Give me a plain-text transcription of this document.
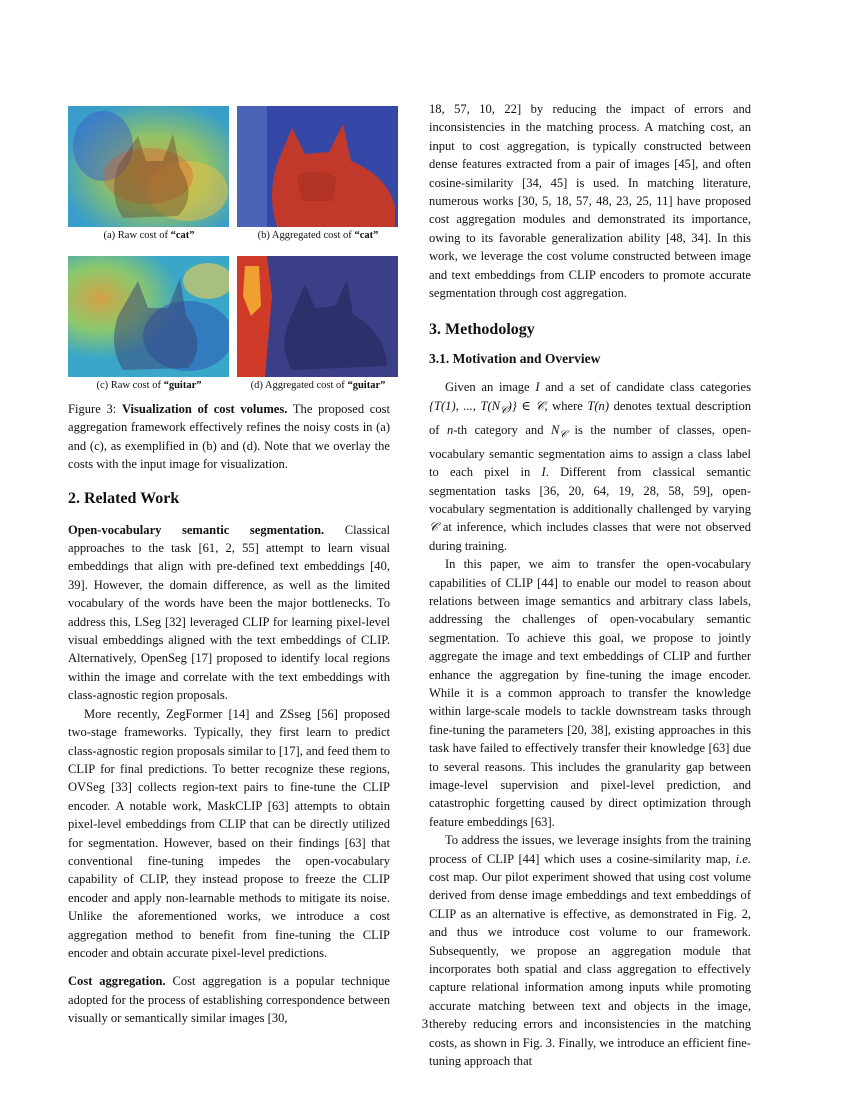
(a) Raw cost of “cat”	(b) Aggregated cost of “cat”
(c) Raw cost of “guitar”	(d) Aggregated cost of “guitar”

Figure 3: Visualization of cost volumes. The proposed cost aggregation framework effectively refines the noisy costs in (a) and (c), as exemplified in (b) and (d). Note that we overlay the costs with the input image for visualization.

2. Related Work

Open-vocabulary semantic segmentation. Classical approaches to the task [61, 2, 55] attempt to learn visual embeddings that align with pre-defined text embeddings [40, 39]. However, the domain difference, as well as the limited vocabulary of the words have been the major bottlenecks. To address this, LSeg [32] leveraged CLIP for learning pixel-level visual embeddings aligned with the text embeddings of CLIP. Alternatively, OpenSeg [17] proposed to identify local regions within the image and correlate with the text embeddings with class-agnostic region proposals.

More recently, ZegFormer [14] and ZSseg [56] proposed two-stage frameworks. Typically, they first learn to predict class-agnostic region proposals similar to [17], and feed them to CLIP for final predictions. To better recognize these regions, OVSeg [33] collects region-text pairs to fine-tune the CLIP encoder. A notable work, MaskCLIP [63] attempts to obtain pixel-level embeddings from CLIP that can be directly utilized for segmentation. However, based on their findings [63] that conventional fine-tuning impedes the open-vocabulary capability of CLIP, they instead propose to freeze the CLIP encoder and apply non-learnable methods to mitigate its noise. Unlike the aforementioned works, we introduce a cost aggregation method to benefit from fine-tuning the CLIP encoder and obtain accurate pixel-level predictions.

Cost aggregation. Cost aggregation is a popular technique adopted for the process of establishing correspondence between visually or semantically similar images [30,

18, 57, 10, 22] by reducing the impact of errors and inconsistencies in the matching process. A matching cost, an input to cost aggregation, is typically constructed between dense features extracted from a pair of images [45], and often cosine-similarity [34, 45] is used. In matching literature, numerous works [30, 5, 18, 57, 48, 23, 25, 11] have proposed cost aggregation modules and demonstrated its importance, owing to its favorable generalization ability [48, 34]. In this work, we leverage the cost volume constructed between image and text embeddings from CLIP encoders to promote accurate segmentation through cost aggregation.

3. Methodology
3.1. Motivation and Overview

Given an image I and a set of candidate class categories {T(1), ..., $T(N_𝒞)$} ∈ 𝒞, where T(n) denotes textual description of n-th category and $N_𝒞$ is the number of classes, open-vocabulary semantic segmentation aims to assign a class label to each pixel in I. Different from classical semantic segmentation tasks [36, 20, 64, 19, 28, 58, 59], open-vocabulary segmentation is additionally challenged by varying 𝒞 at inference, which includes classes that were not observed during training.

In this paper, we aim to transfer the open-vocabulary capabilities of CLIP [44] to enable our model to reason about relations between image semantics and arbitrary class labels, addressing the challenges of open-vocabulary semantic segmentation. To achieve this goal, we propose to jointly aggregate the image and text embeddings of CLIP and further enhance the aggregation by fine-tuning the image encoder. While it is a common approach to transfer the knowledge within large-scale models to tackle downstream tasks through fine-tuning the parameters [20, 38], existing approaches in this task have failed to effectively transfer their knowledge [63] due to several reasons. This includes the granularity gap between image-level supervision and pixel-level prediction, and catastrophic forgetting caused by direct optimization through feature embeddings [63].

To address the issues, we leverage insights from the training process of CLIP [44] which uses a cosine-similarity map, i.e. cost map. Our pilot experiment showed that using cost volume derived from dense image embeddings and text embeddings of CLIP as an alternative is effective, as demonstrated in Fig. 2, and thus we introduce cost volume to our framework. Subsequently, we propose an aggregation module that incorporates both spatial and class aggregation to effectively capture relational information among inputs while promoting accurate matching between text and objects in the image, thereby reducing errors and inconsistencies in the matching costs, as shown in Fig. 3. Finally, we introduce an efficient fine-tuning approach that

3
